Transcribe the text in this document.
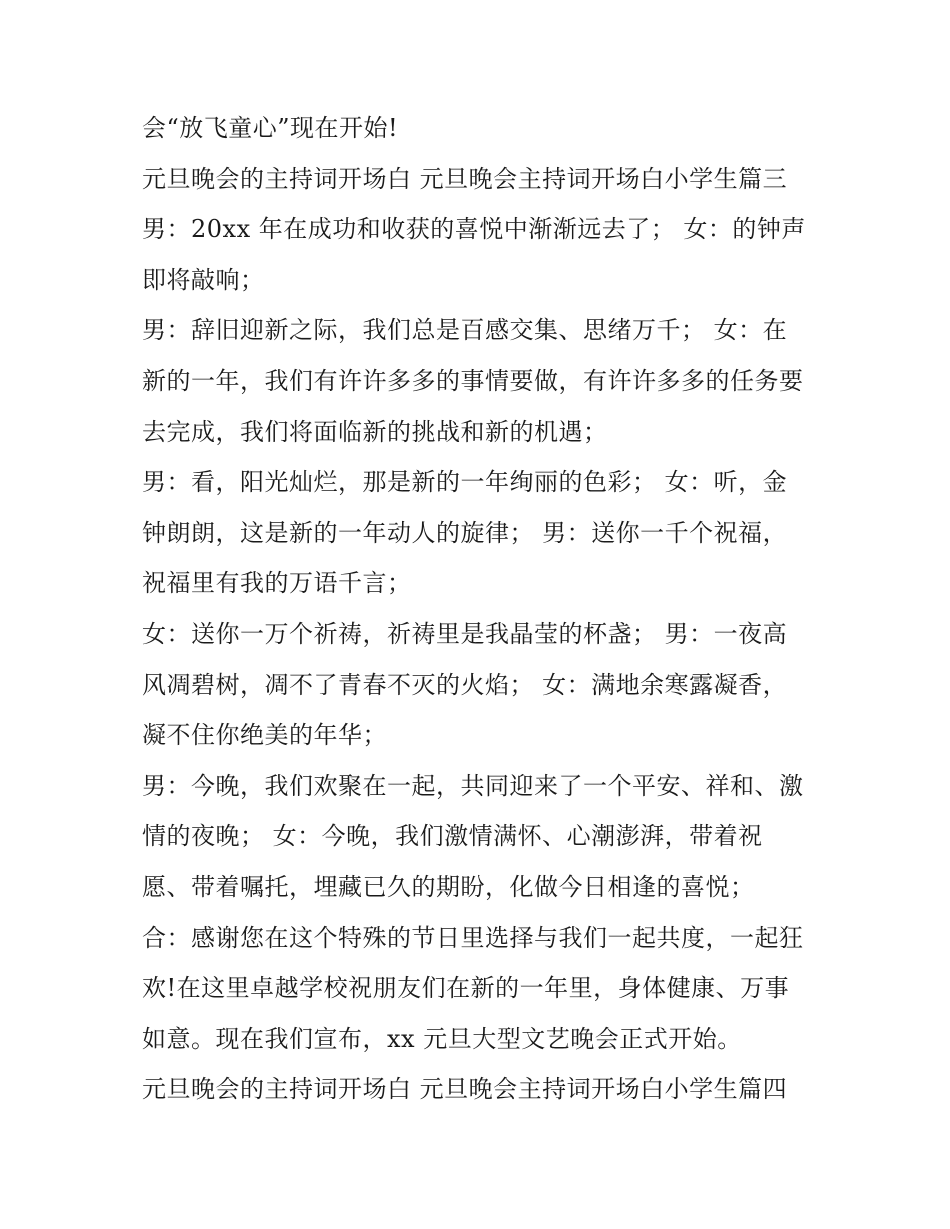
会“放飞童心”现在开始!
元旦晚会的主持词开场白 元旦晚会主持词开场白小学生篇三
男：20xx 年在成功和收获的喜悦中渐渐远去了； 女：的钟声
即将敲响；
男：辞旧迎新之际，我们总是百感交集、思绪万千； 女：在
新的一年，我们有许许多多的事情要做，有许许多多的任务要
去完成，我们将面临新的挑战和新的机遇；
男：看，阳光灿烂，那是新的一年绚丽的色彩； 女：听，金
钟朗朗，这是新的一年动人的旋律； 男：送你一千个祝福，
祝福里有我的万语千言；
女：送你一万个祈祷，祈祷里是我晶莹的杯盏； 男：一夜高
风凋碧树，凋不了青春不灭的火焰； 女：满地余寒露凝香，
凝不住你绝美的年华；
男：今晚，我们欢聚在一起，共同迎来了一个平安、祥和、激
情的夜晚； 女：今晚，我们激情满怀、心潮澎湃，带着祝
愿、带着嘱托，埋藏已久的期盼，化做今日相逢的喜悦；
合：感谢您在这个特殊的节日里选择与我们一起共度，一起狂
欢!在这里卓越学校祝朋友们在新的一年里，身体健康、万事
如意。现在我们宣布，xx 元旦大型文艺晚会正式开始。
元旦晚会的主持词开场白 元旦晚会主持词开场白小学生篇四
